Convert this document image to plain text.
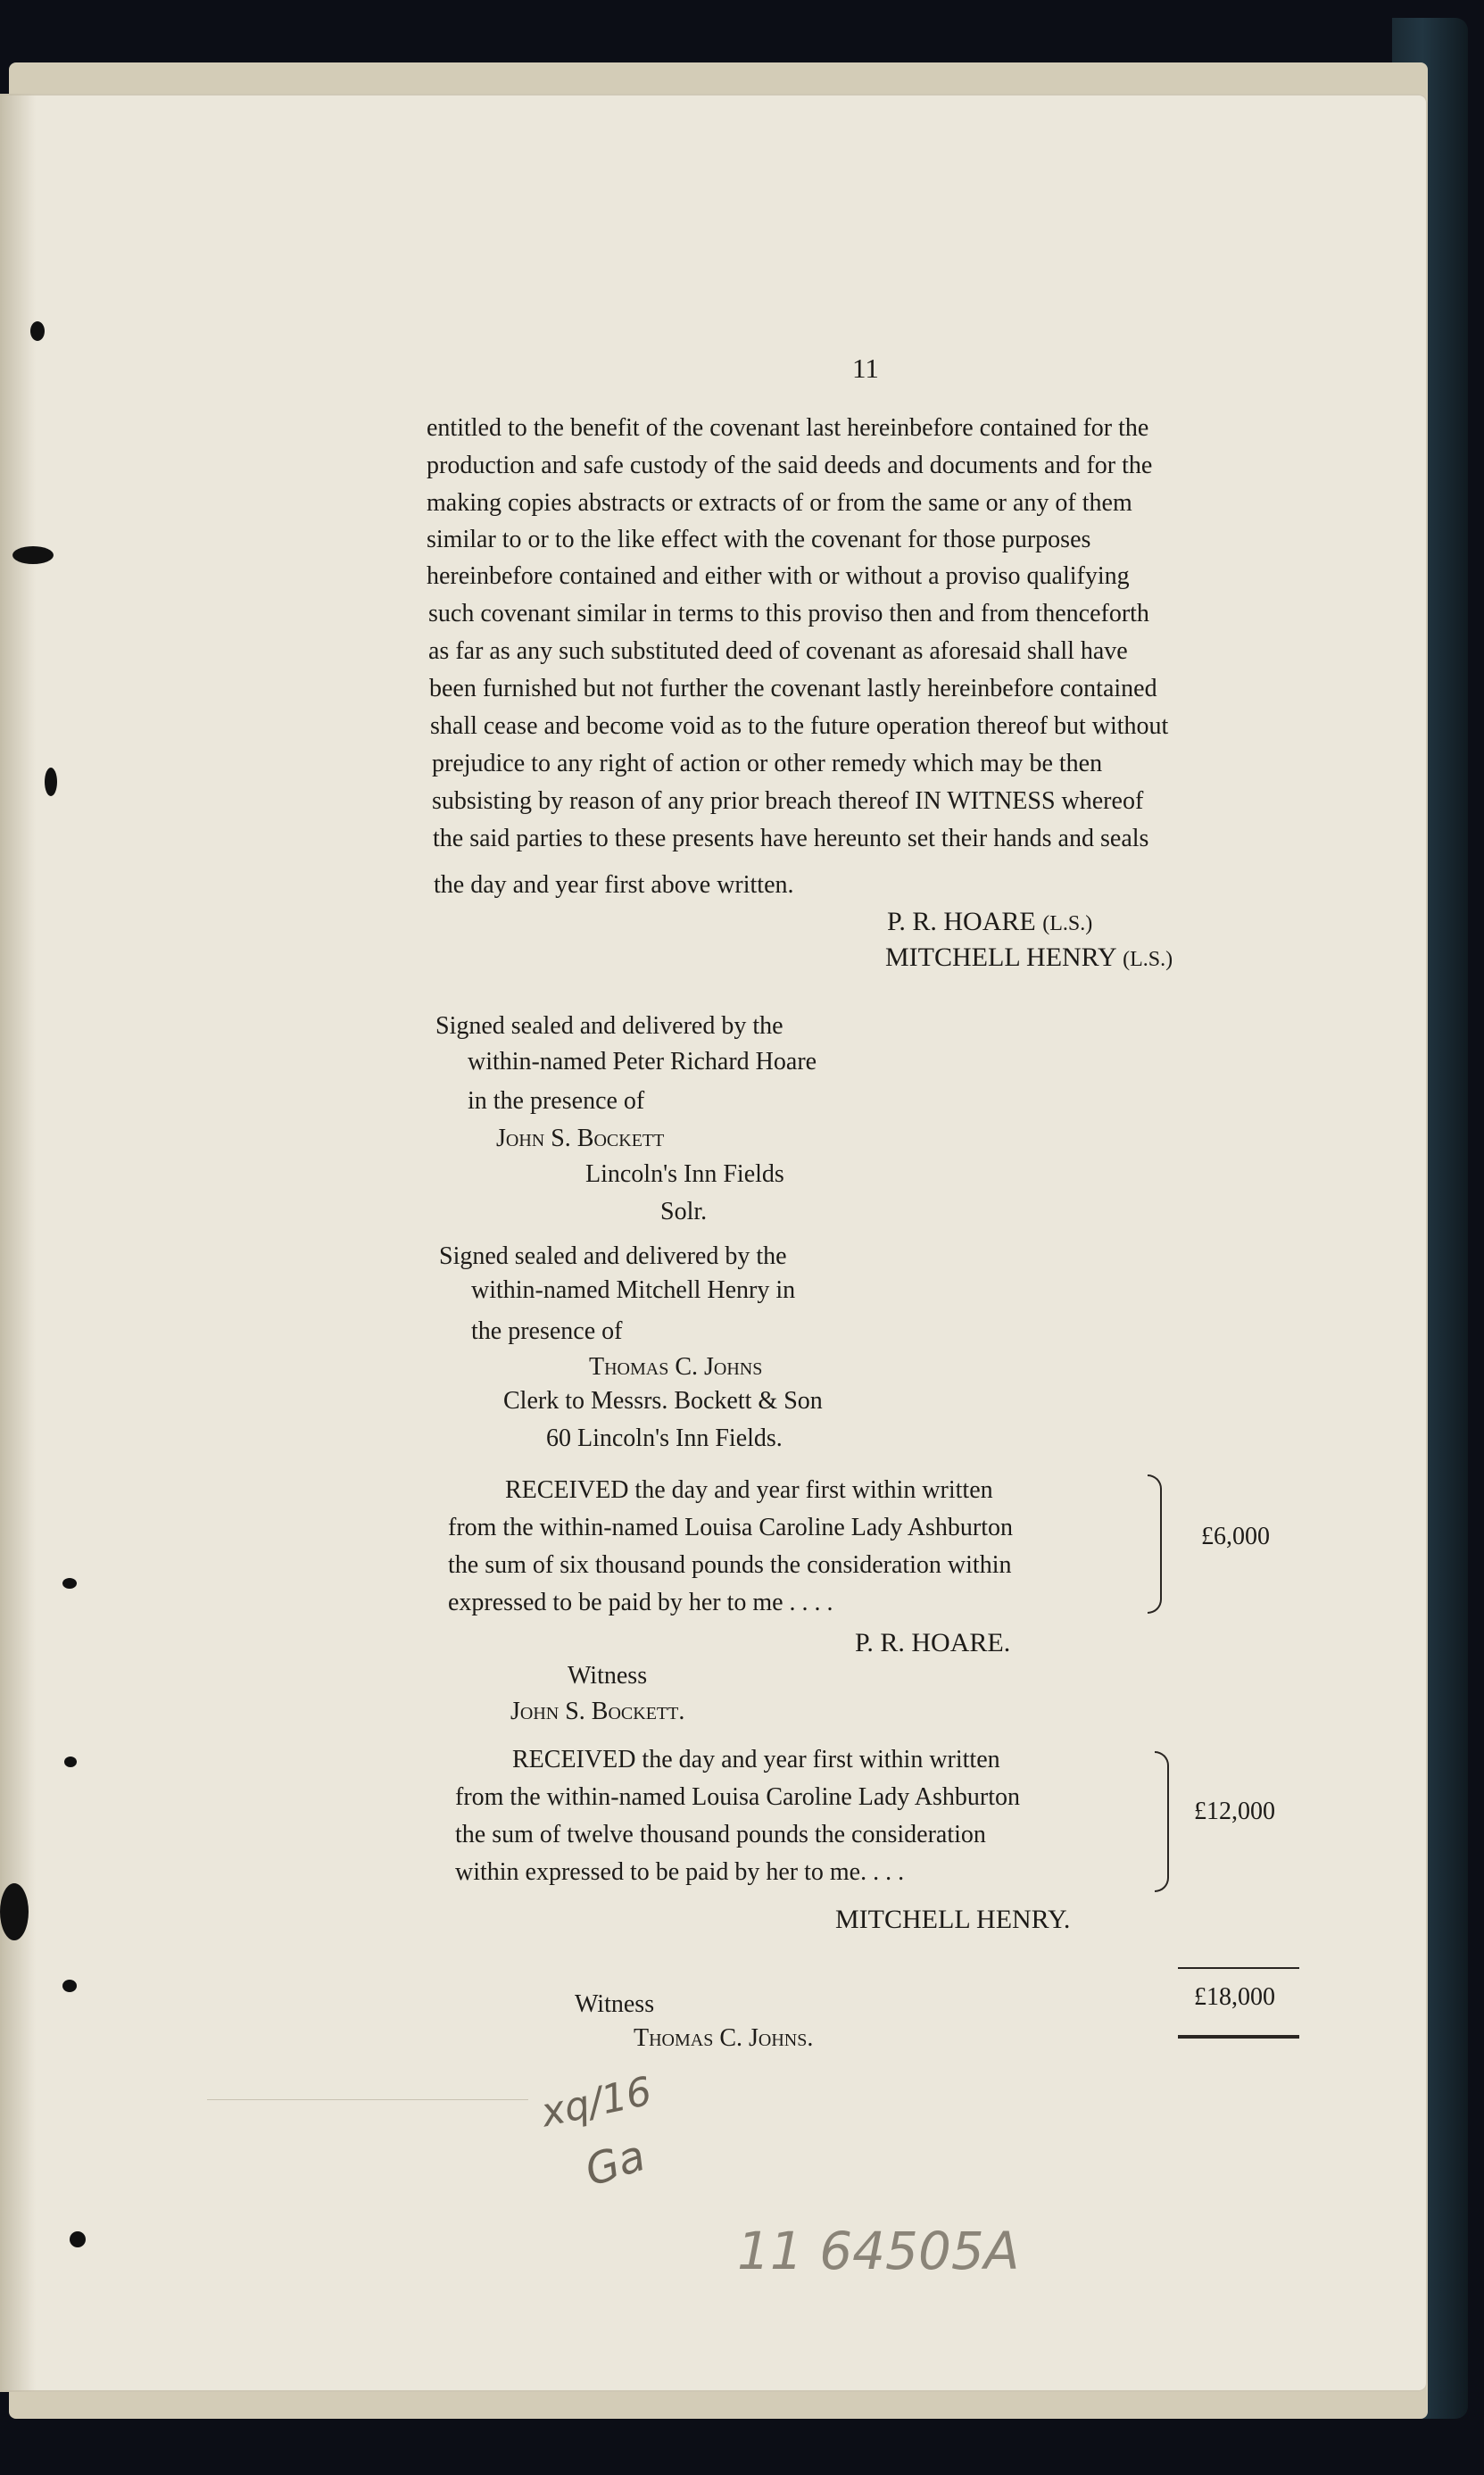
11
entitled to the benefit of the covenant last hereinbefore contained for the
production and safe custody of the said deeds and documents and for the
making copies abstracts or extracts of or from the same or any of them
similar to or to the like effect with the covenant for those purposes
hereinbefore contained and either with or without a proviso qualifying
such covenant similar in terms to this proviso then and from thenceforth
as far as any such substituted deed of covenant as aforesaid shall have
been furnished but not further the covenant lastly hereinbefore contained
shall cease and become void as to the future operation thereof but without
prejudice to any right of action or other remedy which may be then
subsisting by reason of any prior breach thereof IN WITNESS whereof
the said parties to these presents have hereunto set their hands and seals
the day and year first above written.
P. R. HOARE (L.S.)
MITCHELL HENRY (L.S.)
Signed sealed and delivered by the
within-named Peter Richard Hoare
in the presence of
John S. Bockett
Lincoln's Inn Fields
Solr.
Signed sealed and delivered by the
within-named Mitchell Henry in
the presence of
Thomas C. Johns
Clerk to Messrs. Bockett & Son
60 Lincoln's Inn Fields.
RECEIVED the day and year first within written
from the within-named Louisa Caroline Lady Ashburton
the sum of six thousand pounds the consideration within
expressed to be paid by her to me . . . .
£6,000
P. R. HOARE.
Witness
John S. Bockett.
RECEIVED the day and year first within written
from the within-named Louisa Caroline Lady Ashburton
the sum of twelve thousand pounds the consideration
within expressed to be paid by her to me. . . .
£12,000
MITCHELL HENRY.
£18,000
Witness
Thomas C. Johns.
xq/16
Ga
11 64505A
